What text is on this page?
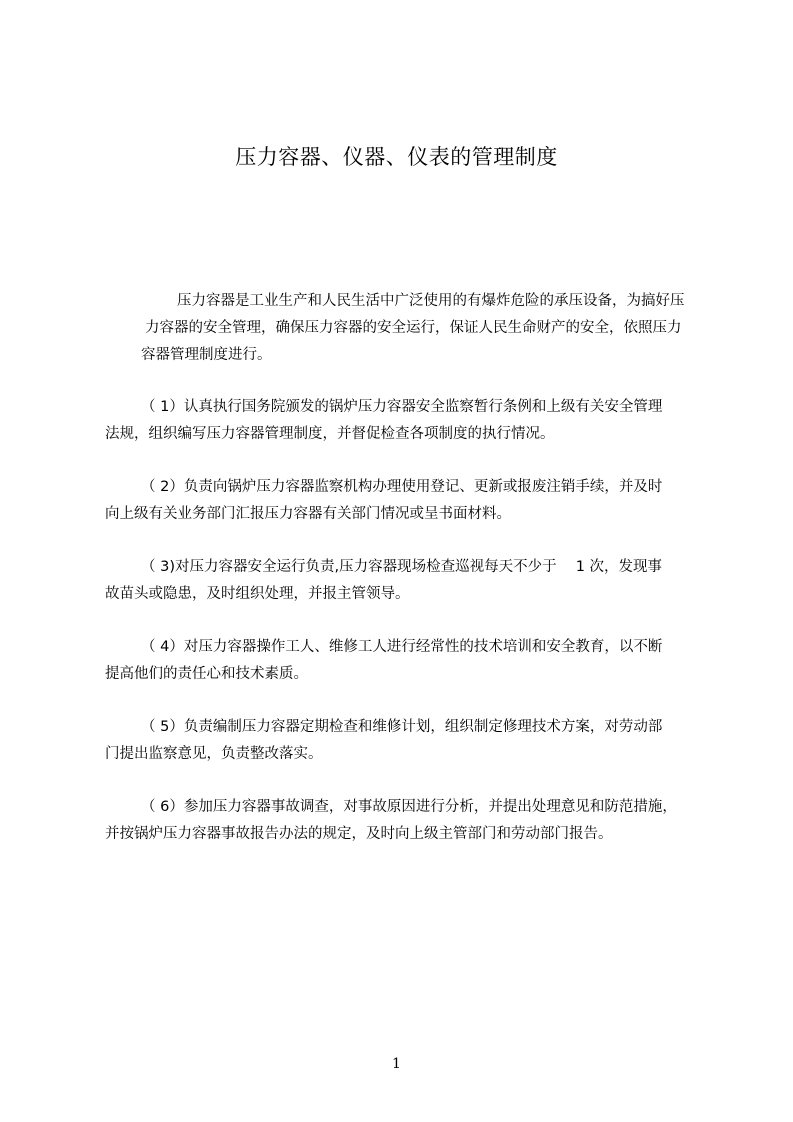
压力容器、仪器、仪表的管理制度
压力容器是工业生产和人民生活中广泛使用的有爆炸危险的承压设备，为搞好压
力容器的安全管理，确保压力容器的安全运行，保证人民生命财产的安全，依照压力
容器管理制度进行。
（ 1）认真执行国务院颁发的锅炉压力容器安全监察暂行条例和上级有关安全管理
法规，组织编写压力容器管理制度，并督促检查各项制度的执行情况。
（ 2）负责向锅炉压力容器监察机构办理使用登记、更新或报废注销手续，并及时
向上级有关业务部门汇报压力容器有关部门情况或呈书面材料。
（ 3)对压力容器安全运行负责,压力容器现场检查巡视每天不少于　 1 次，发现事
故苗头或隐患，及时组织处理，并报主管领导。
（ 4）对压力容器操作工人、维修工人进行经常性的技术培训和安全教育，以不断
提高他们的责任心和技术素质。
（ 5）负责编制压力容器定期检查和维修计划，组织制定修理技术方案，对劳动部
门提出监察意见，负责整改落实。
（ 6）参加压力容器事故调查，对事故原因进行分析，并提出处理意见和防范措施，
并按锅炉压力容器事故报告办法的规定，及时向上级主管部门和劳动部门报告。
1
